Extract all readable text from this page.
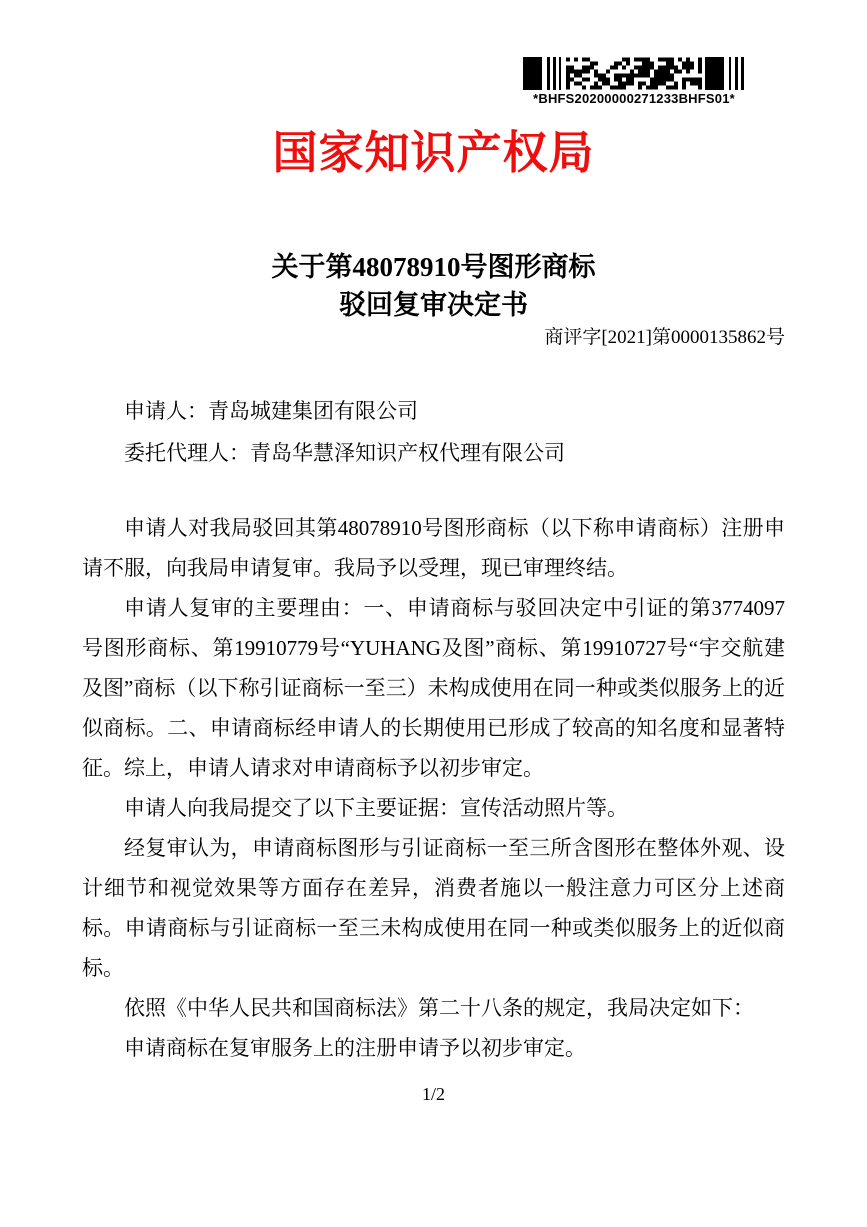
*BHFS20200000271233BHFS01*
国家知识产权局
关于第48078910号图形商标
驳回复审决定书
商评字[2021]第0000135862号

申请人：青岛城建集团有限公司

委托代理人：青岛华慧泽知识产权代理有限公司

申请人对我局驳回其第48078910号图形商标（以下称申请商标）注册申请不服，向我局申请复审。我局予以受理，现已审理终结。

申请人复审的主要理由：一、申请商标与驳回决定中引证的第3774097号图形商标、第19910779号“YUHANG及图”商标、第19910727号“宇交航建及图”商标（以下称引证商标一至三）未构成使用在同一种或类似服务上的近似商标。二、申请商标经申请人的长期使用已形成了较高的知名度和显著特征。综上，申请人请求对申请商标予以初步审定。

申请人向我局提交了以下主要证据：宣传活动照片等。

经复审认为，申请商标图形与引证商标一至三所含图形在整体外观、设计细节和视觉效果等方面存在差异，消费者施以一般注意力可区分上述商标。申请商标与引证商标一至三未构成使用在同一种或类似服务上的近似商标。

依照《中华人民共和国商标法》第二十八条的规定，我局决定如下：

申请商标在复审服务上的注册申请予以初步审定。

1/2
